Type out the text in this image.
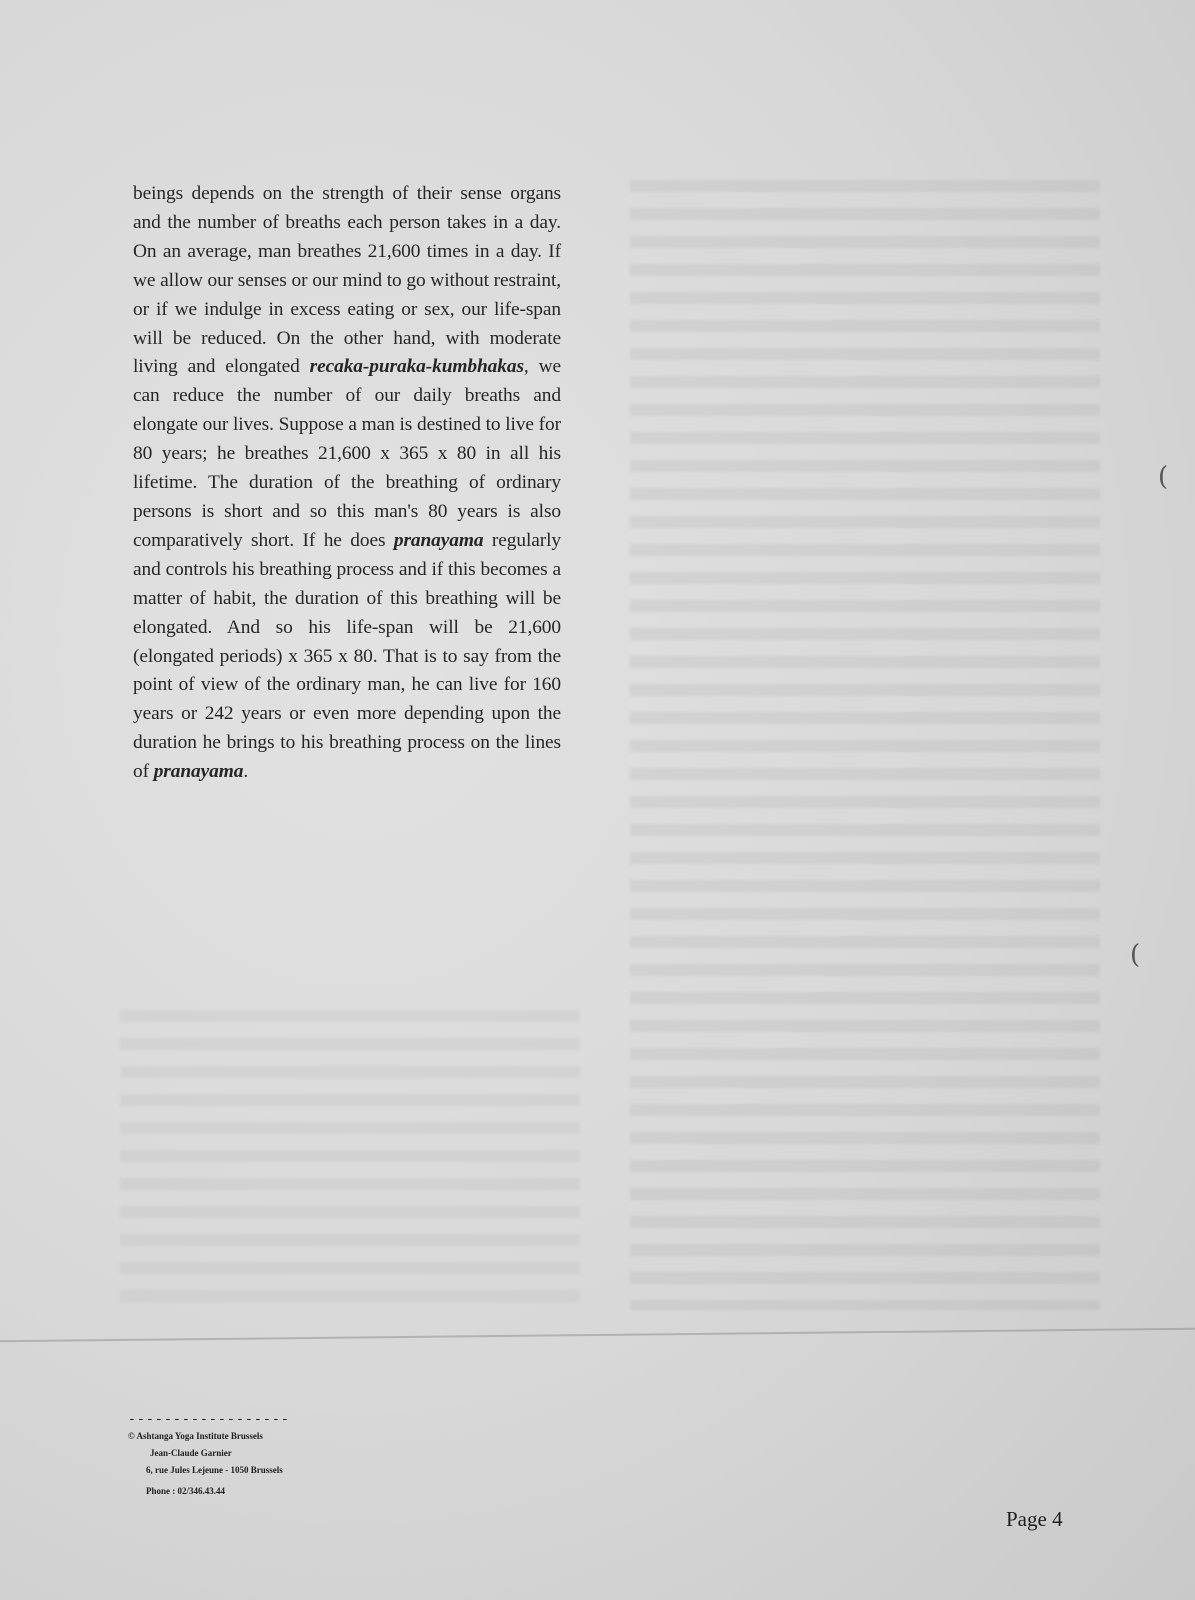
(
(

beings depends on the strength of their sense organs and the number of breaths each person takes in a day. On an average, man breathes 21,600 times in a day. If we allow our senses or our mind to go without restraint, or if we indulge in excess eating or sex, our life-span will be reduced. On the other hand, with moderate living and elongated recaka-puraka-kumbhakas, we can reduce the number of our daily breaths and elongate our lives. Suppose a man is destined to live for 80 years; he breathes 21,600 x 365 x 80 in all his lifetime. The duration of the breathing of ordinary persons is short and so this man's 80 years is also comparatively short. If he does pranayama regularly and controls his breathing process and if this becomes a matter of habit, the duration of this breathing will be elongated. And so his life-span will be 21,600 (elongated periods) x 365 x 80. That is to say from the point of view of the ordinary man, he can live for 160 years or 242 years or even more depending upon the duration he brings to his breathing process on the lines of pranayama.

------------------
© Ashtanga Yoga Institute Brussels
Jean-Claude Garnier
6, rue Jules Lejeune - 1050 Brussels
Phone : 02/346.43.44
Page 4
